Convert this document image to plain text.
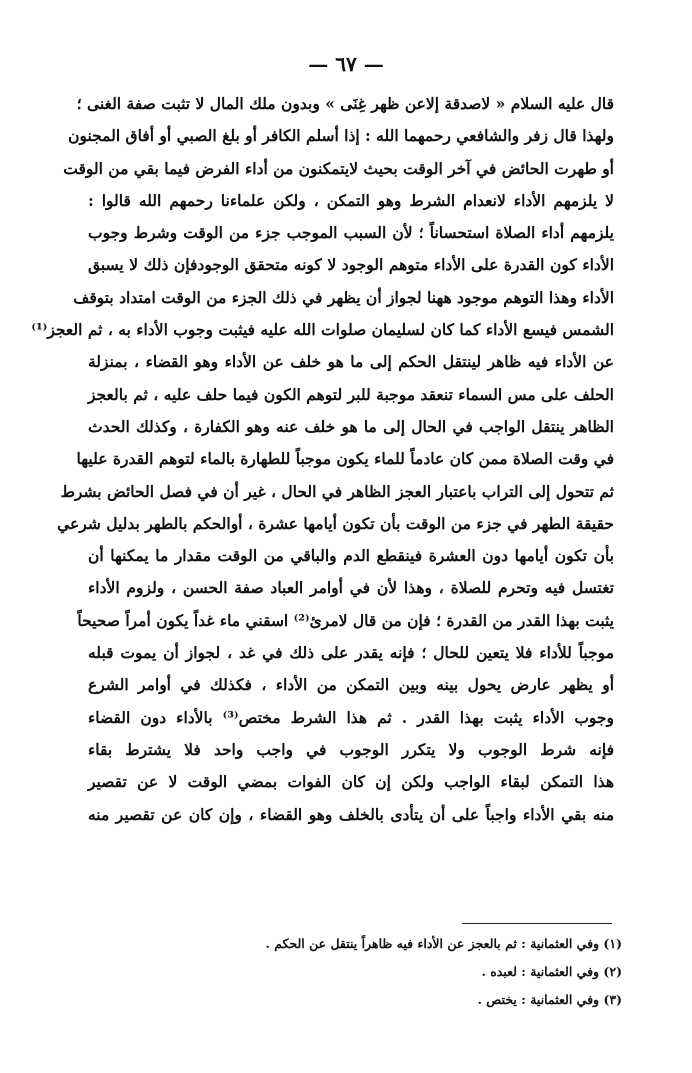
— ٦٧ —
قال عليه السلام « لاصدقة إلاعن ظهر غِنَى » وبدون ملك المال لا تثبت صفة الغنى ؛
ولهذا قال زفر والشافعي رحمهما الله : إذا أسلم الكافر أو بلغ الصبي أو أفاق المجنون
أو طهرت الحائض في آخر الوقت بحيث لايتمكنون من أداء الفرض فيما بقي من الوقت
لا يلزمهم الأداء لانعدام الشرط وهو التمكن ، ولكن علماءنا رحمهم الله قالوا :
يلزمهم أداء الصلاة استحساناً ؛ لأن السبب الموجب جزء من الوقت وشرط وجوب
الأداء كون القدرة على الأداء متوهم الوجود لا كونه متحقق الوجودفإن ذلك لا يسبق
الأداء وهذا التوهم موجود ههنا لجواز أن يظهر في ذلك الجزء من الوقت امتداد بتوقف
الشمس فيسع الأداء كما كان لسليمان صلوات الله عليه فيثبت وجوب الأداء به ، ثم العجز⁽¹⁾
عن الأداء فيه ظاهر لينتقل الحكم إلى ما هو خلف عن الأداء وهو القضاء ، بمنزلة
الحلف على مس السماء تنعقد موجبة للبر لتوهم الكون فيما حلف عليه ، ثم بالعجز
الظاهر ينتقل الواجب في الحال إلى ما هو خلف عنه وهو الكفارة ، وكذلك الحدث
في وقت الصلاة ممن كان عادماً للماء يكون موجباً للطهارة بالماء لتوهم القدرة عليها
ثم تتحول إلى التراب باعتبار العجز الظاهر في الحال ، غير أن في فصل الحائض بشرط
حقيقة الطهر في جزء من الوقت بأن تكون أيامها عشرة ، أوالحكم بالطهر بدليل شرعي
بأن تكون أيامها دون العشرة فينقطع الدم والباقي من الوقت مقدار ما يمكنها أن
تغتسل فيه وتحرم للصلاة ، وهذا لأن في أوامر العباد صفة الحسن ، ولزوم الأداء
يثبت بهذا القدر من القدرة ؛ فإن من قال لامرئ⁽²⁾ اسقني ماء غداً يكون أمراً صحيحاً
موجباً للأداء فلا يتعين للحال ؛ فإنه يقدر على ذلك في غد ، لجواز أن يموت قبله
أو يظهر عارض يحول بينه وبين التمكن من الأداء ، فكذلك في أوامر الشرع
وجوب الأداء يثبت بهذا القدر . ثم هذا الشرط مختص⁽³⁾ بالأداء دون القضاء
فإنه شرط الوجوب ولا يتكرر الوجوب في واجب واحد فلا يشترط بقاء
هذا التمكن لبقاء الواجب ولكن إن كان الفوات بمضي الوقت لا عن تقصير
منه بقي الأداء واجباً على أن يتأدى بالخلف وهو القضاء ، وإن كان عن تقصير منه
(١) وفي العثمانية : ثم بالعجز عن الأداء فيه ظاهراً ينتقل عن الحكم .
(٢) وفي العثمانية : لعبده .
(٣) وفي العثمانية : يختص .
